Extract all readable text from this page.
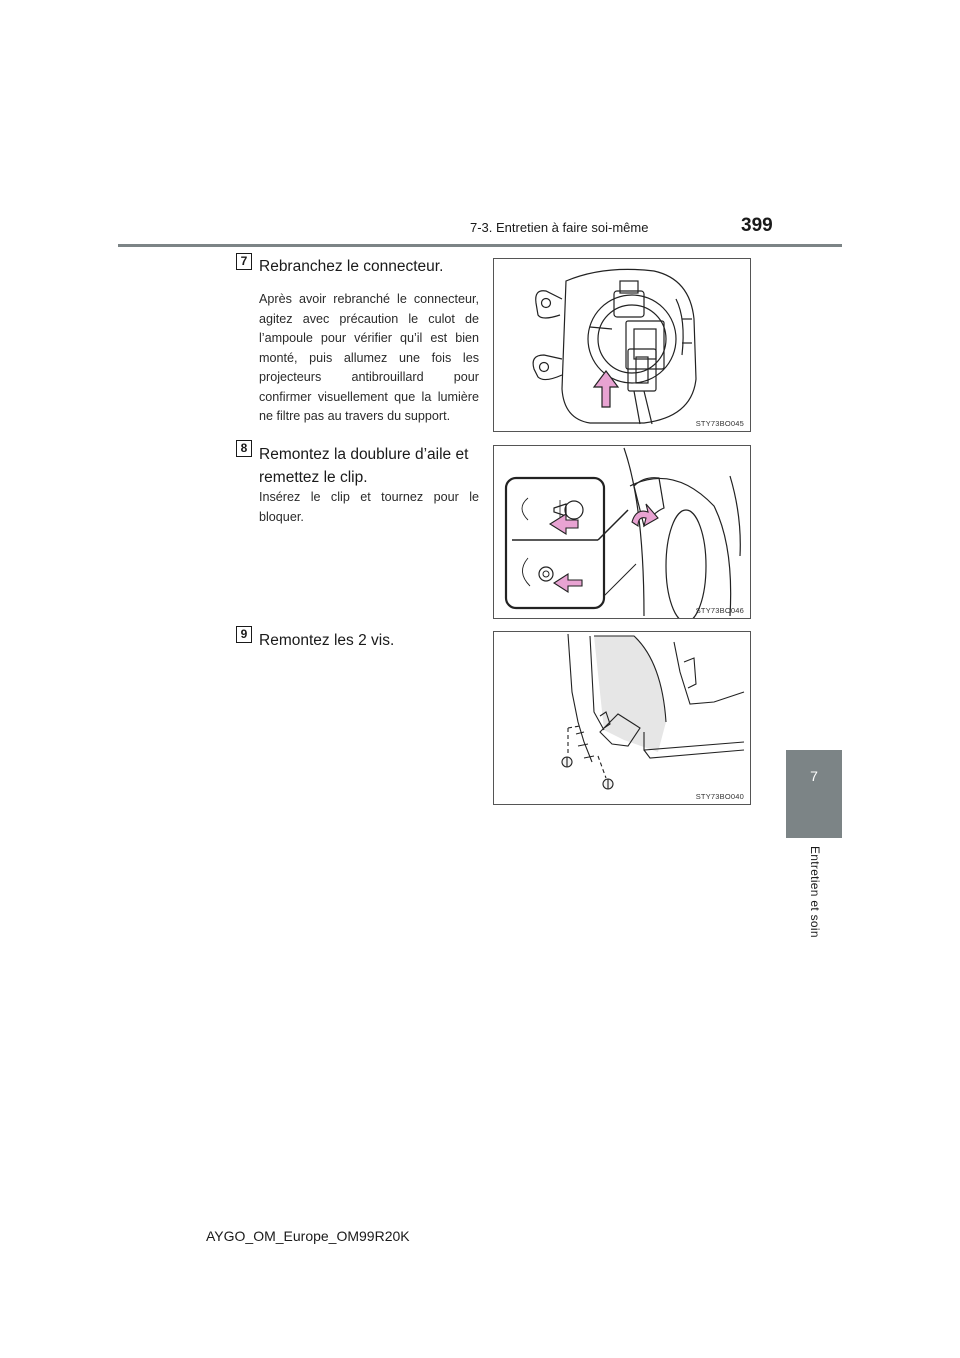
7-3. Entretien à faire soi-même	399
7
Entretien et soin
7 Rebranchez le connecteur.
Après avoir rebranché le connecteur, agitez avec précaution le culot de l’ampoule pour vérifier qu’il est bien monté, puis allumez une fois les projecteurs antibrouillard pour confirmer visuellement que la lumière ne filtre pas au travers du support.
STY73BO045
8 Remontez la doublure d’aile et remettez le clip.
Insérez le clip et tournez pour le bloquer.
STY73BO046
9 Remontez les 2 vis.
STY73BO040
AYGO_OM_Europe_OM99R20K
